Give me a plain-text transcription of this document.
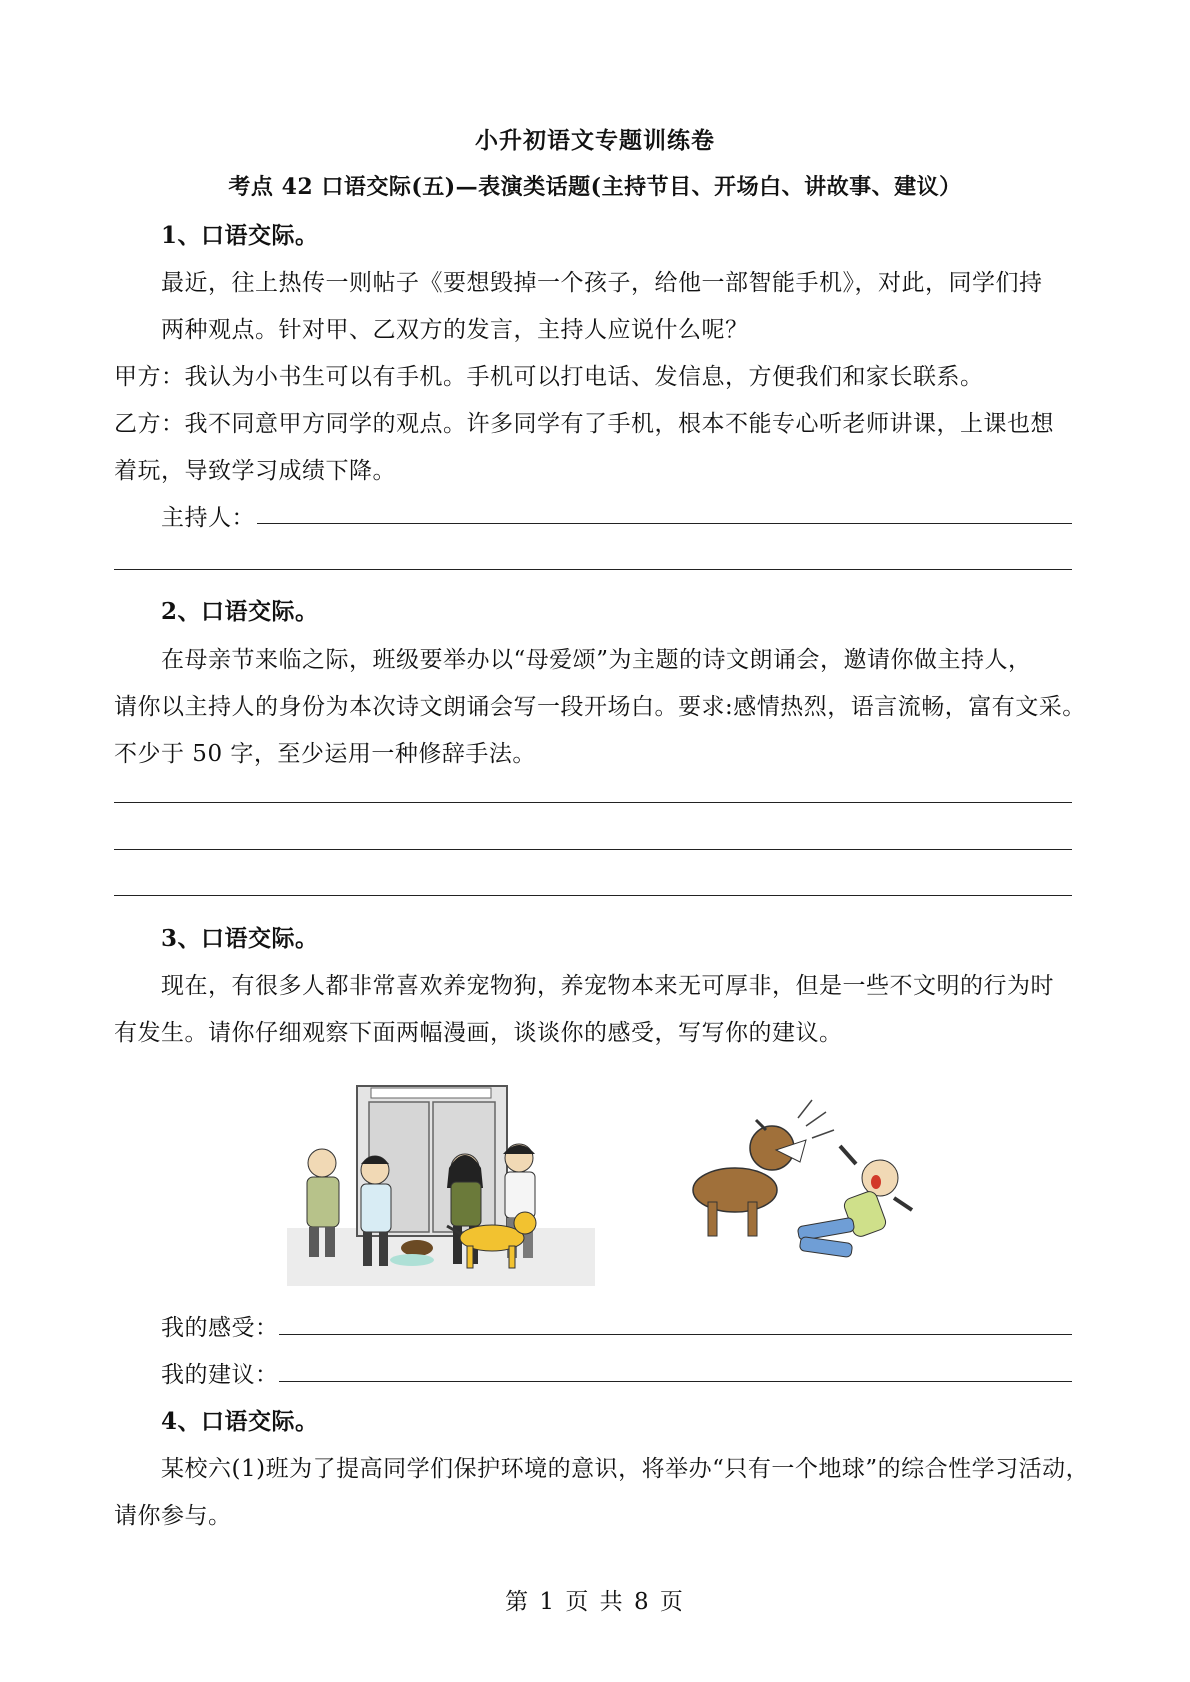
小升初语文专题训练卷
考点 42 口语交际(五)—表演类话题(主持节目、开场白、讲故事、建议）
1、口语交际。
最近，往上热传一则帖子《要想毁掉一个孩子，给他一部智能手机》，对此，同学们持
两种观点。针对甲、乙双方的发言，主持人应说什么呢？
甲方：我认为小书生可以有手机。手机可以打电话、发信息，方便我们和家长联系。
乙方：我不同意甲方同学的观点。许多同学有了手机，根本不能专心听老师讲课，上课也想
着玩，导致学习成绩下降。
主持人：
2、口语交际。
在母亲节来临之际，班级要举办以“母爱颂”为主题的诗文朗诵会，邀请你做主持人，
请你以主持人的身份为本次诗文朗诵会写一段开场白。要求:感情热烈，语言流畅，富有文采。
不少于 50 字，至少运用一种修辞手法。
3、口语交际。
现在，有很多人都非常喜欢养宠物狗，养宠物本来无可厚非，但是一些不文明的行为时
有发生。请你仔细观察下面两幅漫画，谈谈你的感受，写写你的建议。
我的感受：
我的建议：
4、口语交际。
某校六(1)班为了提高同学们保护环境的意识，将举办“只有一个地球”的综合性学习活动，
请你参与。
第 1 页 共 8 页
